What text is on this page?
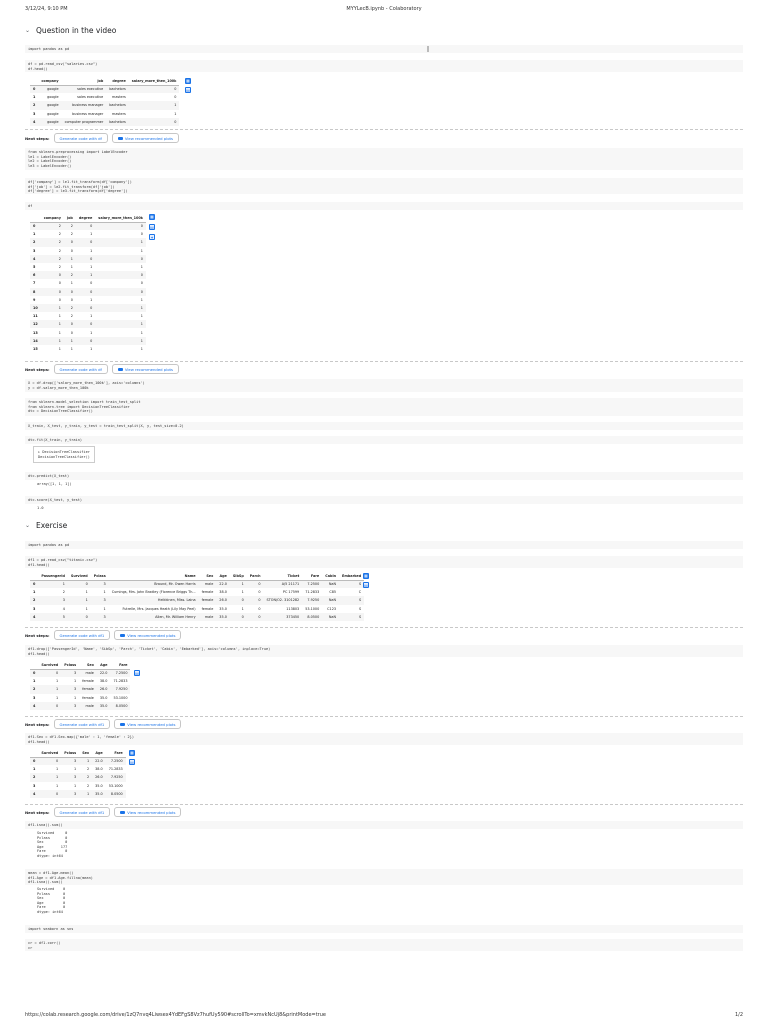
3/12/24, 9:10 PM	MYYLecB.ipynb - Colaboratory
⌄ Question in the video
import pandas as pd
df = pd.read_csv("salaries.csv")
df.head()
	company	job	degree	salary_more_then_100k
0	google	sales executive	bachelors	0
1	google	sales executive	masters	0
2	google	business manager	bachelors	1
3	google	business manager	masters	1
4	google	computer programmer	bachelors	0
▦
▤
Next steps:	Generate code with df	View recommended plots
from sklearn.preprocessing import LabelEncoder
le1 = LabelEncoder()
le2 = LabelEncoder()
le3 = LabelEncoder()
df['company'] = le1.fit_transform(df['company'])
df['job'] = le2.fit_transform(df['job'])
df['degree'] = le3.fit_transform(df['degree'])
df
	company	job	degree	salary_more_then_100k
0	2	2	0	0
1	2	2	1	0
2	2	0	0	1
3	2	0	1	1
4	2	1	0	0
5	2	1	1	1
6	0	2	1	0
7	0	1	0	0
8	0	0	0	0
9	0	0	1	1
10	1	2	0	1
11	1	2	1	1
12	1	0	0	1
13	1	0	1	1
14	1	1	0	1
15	1	1	1	1
▦
▤
✦
Next steps:	Generate code with df	View recommended plots
X = df.drop(['salary_more_then_100k'], axis='columns')
y = df.salary_more_then_100k
from sklearn.model_selection import train_test_split
from sklearn.tree import DecisionTreeClassifier
dtc = DecisionTreeClassifier()
X_train, X_test, y_train, y_test = train_test_split(X, y, test_size=0.2)
dtc.fit(X_train, y_train)
▸ DecisionTreeClassifier
DecisionTreeClassifier()
dtc.predict(X_test)
array([1, 1, 1])
dtc.score(X_test, y_test)
1.0
⌄ Exercise
import pandas as pd
df1 = pd.read_csv("titanic.csv")
df1.head()
	PassengerId	Survived	Pclass	Name	Sex	Age	SibSp	Parch	Ticket	Fare	Cabin	Embarked
0	1	0	3	Braund, Mr. Owen Harris	male	22.0	1	0	A/5 21171	7.2500	NaN	S
1	2	1	1	Cumings, Mrs. John Bradley (Florence Briggs Th...	female	38.0	1	0	PC 17599	71.2833	C85	C
2	3	1	3	Heikkinen, Miss. Laina	female	26.0	0	0	STON/O2. 3101282	7.9250	NaN	S
3	4	1	1	Futrelle, Mrs. Jacques Heath (Lily May Peel)	female	35.0	1	0	113803	53.1000	C123	S
4	5	0	3	Allen, Mr. William Henry	male	35.0	0	0	373450	8.0500	NaN	S
▦
▤
Next steps:	Generate code with df1	View recommended plots
df1.drop(['PassengerId', 'Name', 'SibSp', 'Parch', 'Ticket', 'Cabin', 'Embarked'], axis='columns', inplace=True)
df1.head()
	Survived	Pclass	Sex	Age	Fare
0	0	3	male	22.0	7.2500
1	1	1	female	38.0	71.2833
2	1	3	female	26.0	7.9250
3	1	1	female	35.0	53.1000
4	0	3	male	35.0	8.0500
▤
Next steps:	Generate code with df1	View recommended plots
df1.Sex = df1.Sex.map({'male' : 1, 'female' : 2})
df1.head()
	Survived	Pclass	Sex	Age	Fare
0	0	3	1	22.0	7.2500
1	1	1	2	38.0	71.2833
2	1	3	2	26.0	7.9250
3	1	1	2	35.0	53.1000
4	0	3	1	35.0	8.0500
▦
▤
Next steps:	Generate code with df1	View recommended plots
df1.isna().sum()
Survived     0
Pclass       0
Sex          0
Age        177
Fare         0
dtype: int64
mean = df1.Age.mean()
df1.Age = df1.Age.fillna(mean)
df1.isna().sum()
Survived    0
Pclass      0
Sex         0
Age         0
Fare        0
dtype: int64
import seaborn as sns
cr = df1.corr()
cr
https://colab.research.google.com/drive/1zQ7nvq4Liwsex4YdEFgS8Vz7hufUy590#scrollTo=xmvkNcUj8&printMode=true	1/2
